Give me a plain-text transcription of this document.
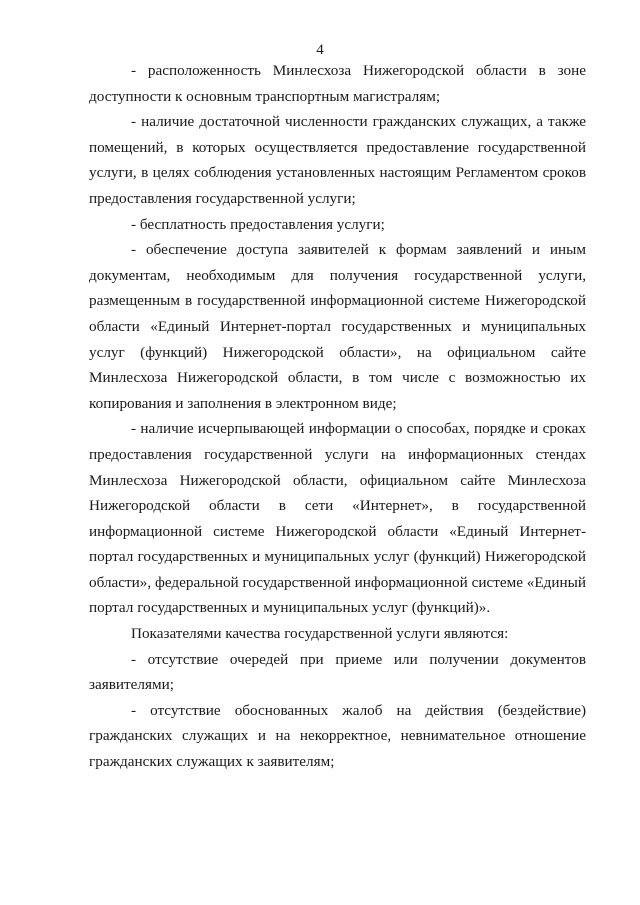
4

- расположенность Минлесхоза Нижегородской области в зоне доступности к основным транспортным магистралям;

- наличие достаточной численности гражданских служащих, а также помещений, в которых осуществляется предоставление государственной услуги, в целях соблюдения установленных настоящим Регламентом сроков предоставления государственной услуги;

- бесплатность предоставления услуги;

- обеспечение доступа заявителей к формам заявлений и иным документам, необходимым для получения государственной услуги, размещенным в государственной информационной системе Нижегородской области «Единый Интернет-портал государственных и муниципальных услуг (функций) Нижегородской области», на официальном сайте Минлесхоза Нижегородской области, в том числе с возможностью их копирования и заполнения в электронном виде;

- наличие исчерпывающей информации о способах, порядке и сроках предоставления государственной услуги на информационных стендах Минлесхоза Нижегородской области, официальном сайте Минлесхоза Нижегородской области в сети «Интернет», в государственной информационной системе Нижегородской области «Единый Интернет-портал государственных и муниципальных услуг (функций) Нижегородской области», федеральной государственной информационной системе «Единый портал государственных и муниципальных услуг (функций)».

Показателями качества государственной услуги являются:

- отсутствие очередей при приеме или получении документов заявителями;

- отсутствие обоснованных жалоб на действия (бездействие) гражданских служащих и на некорректное, невнимательное отношение гражданских служащих к заявителям;
